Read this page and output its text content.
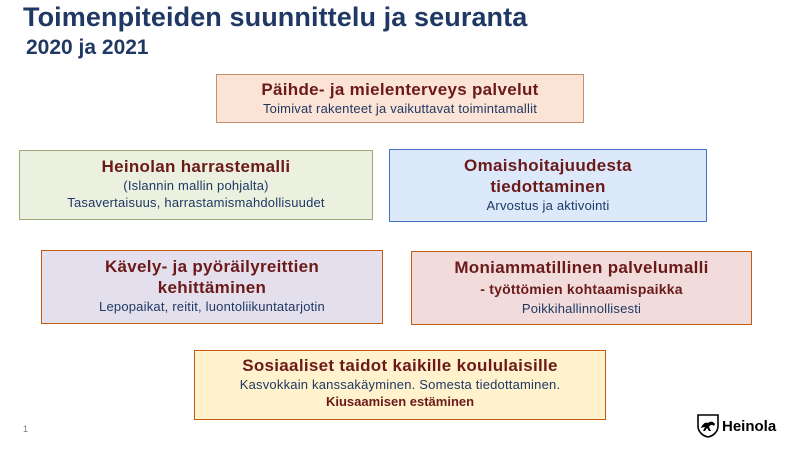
Toimenpiteiden suunnittelu ja seuranta
2020 ja 2021
Päihde- ja mielenterveys palvelut
Toimivat rakenteet ja vaikuttavat toimintamallit
Heinolan harrastemalli
(Islannin mallin pohjalta)
Tasavertaisuus, harrastamismahdollisuudet
Omaishoitajuudesta
tiedottaminen
Arvostus ja aktivointi
Kävely- ja pyöräilyreittien
kehittäminen
Lepopaikat, reitit, luontoliikuntatarjotin
Moniammatillinen palvelumalli
- työttömien kohtaamispaikka
Poikkihallinnollisesti
Sosiaaliset taidot kaikille koululaisille
Kasvokkain kanssakäyminen. Somesta tiedottaminen.
Kiusaamisen estäminen
1	Heinola
